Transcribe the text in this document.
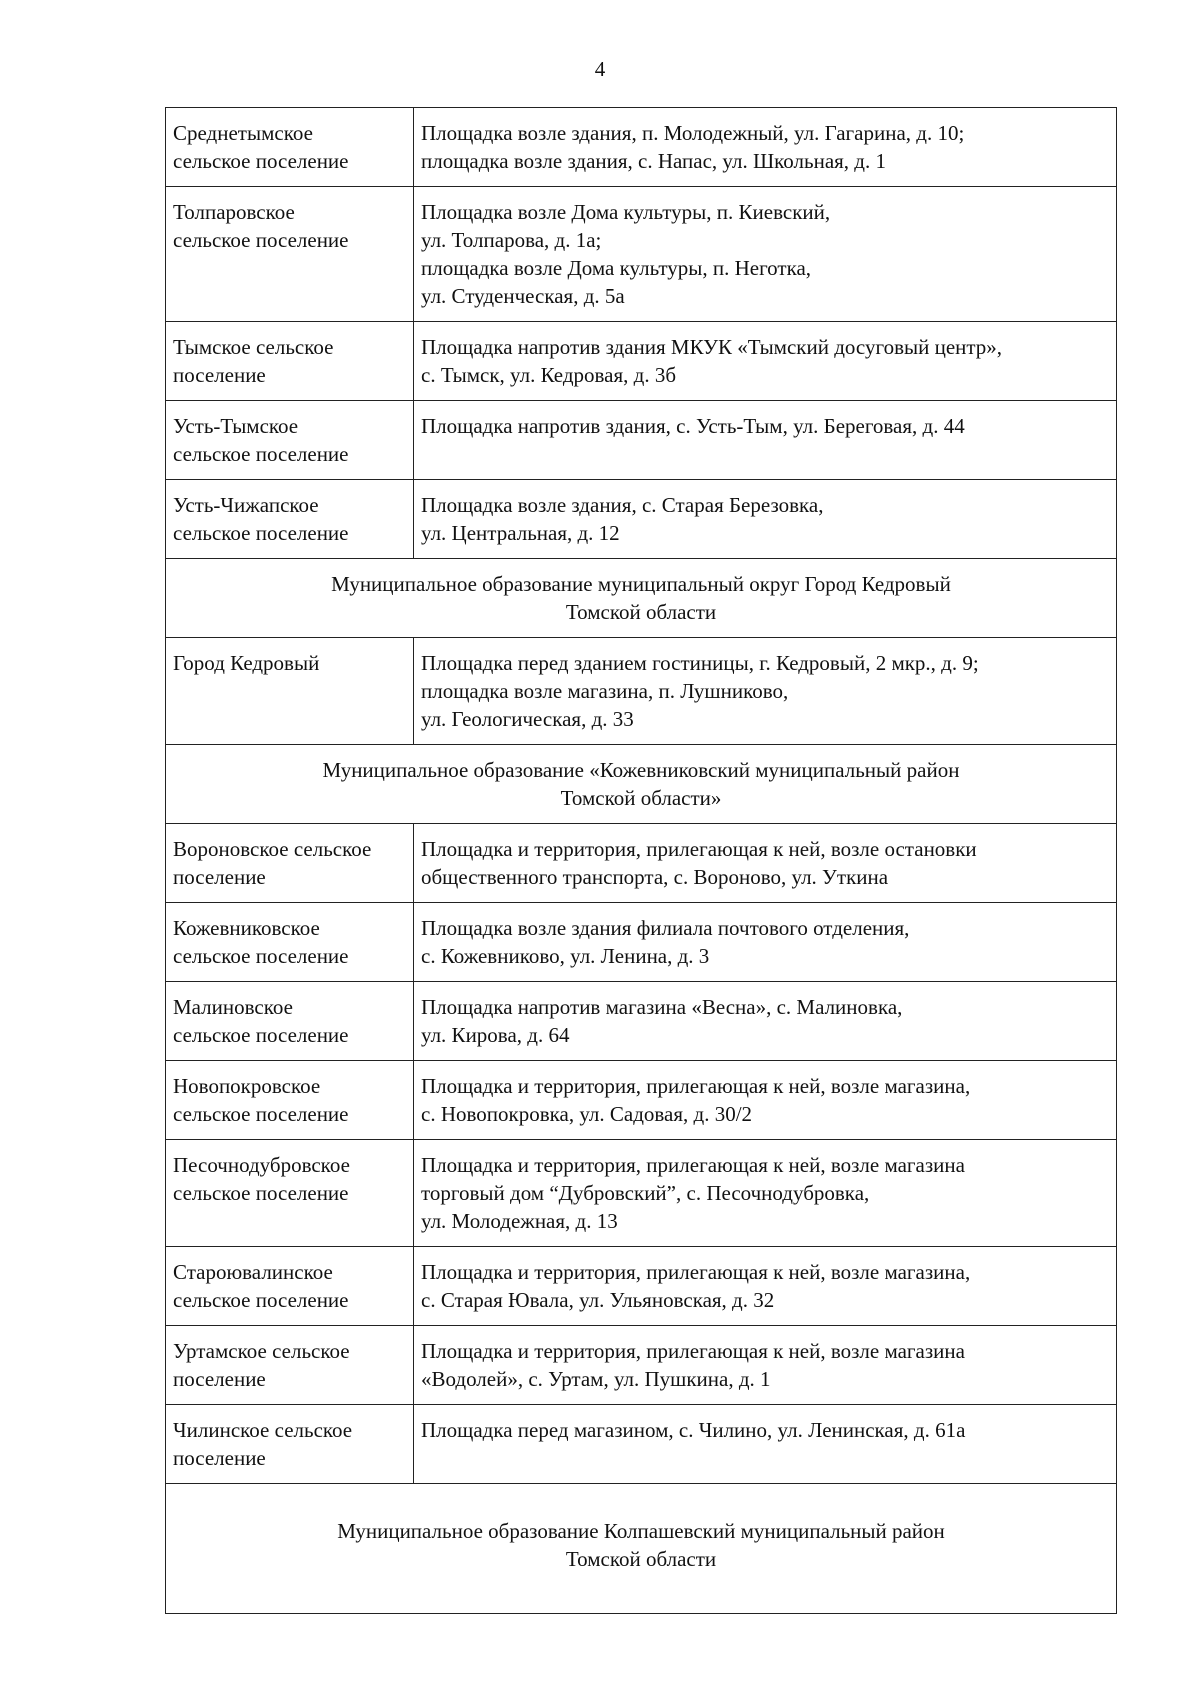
4
Среднетымское
сельское поселение	Площадка возле здания, п. Молодежный, ул. Гагарина, д. 10;
площадка возле здания, с. Напас, ул. Школьная, д. 1

Толпаровское
сельское поселение	Площадка возле Дома культуры, п. Киевский,
ул. Толпарова, д. 1а;
площадка возле Дома культуры, п. Неготка,
ул. Студенческая, д. 5а

Тымское сельское
поселение	Площадка напротив здания МКУК «Тымский досуговый центр»,
с. Тымск, ул. Кедровая, д. 3б

Усть-Тымское
сельское поселение	Площадка напротив здания, с. Усть-Тым, ул. Береговая, д. 44

Усть-Чижапское
сельское поселение	Площадка возле здания, с. Старая Березовка,
ул. Центральная, д. 12

Муниципальное образование муниципальный округ Город Кедровый
Томской области	

Город Кедровый	Площадка перед зданием гостиницы, г. Кедровый, 2 мкр., д. 9;
площадка возле магазина, п. Лушниково,
ул. Геологическая, д. 33

Муниципальное образование «Кожевниковский муниципальный район
Томской области»	

Вороновское сельское
поселение	Площадка и территория, прилегающая к ней, возле остановки
общественного транспорта, с. Вороново, ул. Уткина

Кожевниковское
сельское поселение	Площадка возле здания филиала почтового отделения,
с. Кожевниково, ул. Ленина, д. 3

Малиновское
сельское поселение	Площадка напротив магазина «Весна», с. Малиновка,
ул. Кирова, д. 64

Новопокровское
сельское поселение	Площадка и территория, прилегающая к ней, возле магазина,
с. Новопокровка, ул. Садовая, д. 30/2

Песочнодубровское
сельское поселение	Площадка и территория, прилегающая к ней, возле магазина
торговый дом “Дубровский”, с. Песочнодубровка,
ул. Молодежная, д. 13

Староювалинское
сельское поселение	Площадка и территория, прилегающая к ней, возле магазина,
с. Старая Ювала, ул. Ульяновская, д. 32

Уртамское сельское
поселение	Площадка и территория, прилегающая к ней, возле магазина
«Водолей», с. Уртам, ул. Пушкина, д. 1

Чилинское сельское
поселение	Площадка перед магазином, с. Чилино, ул. Ленинская, д. 61а

Муниципальное образование Колпашевский муниципальный район
Томской области	
